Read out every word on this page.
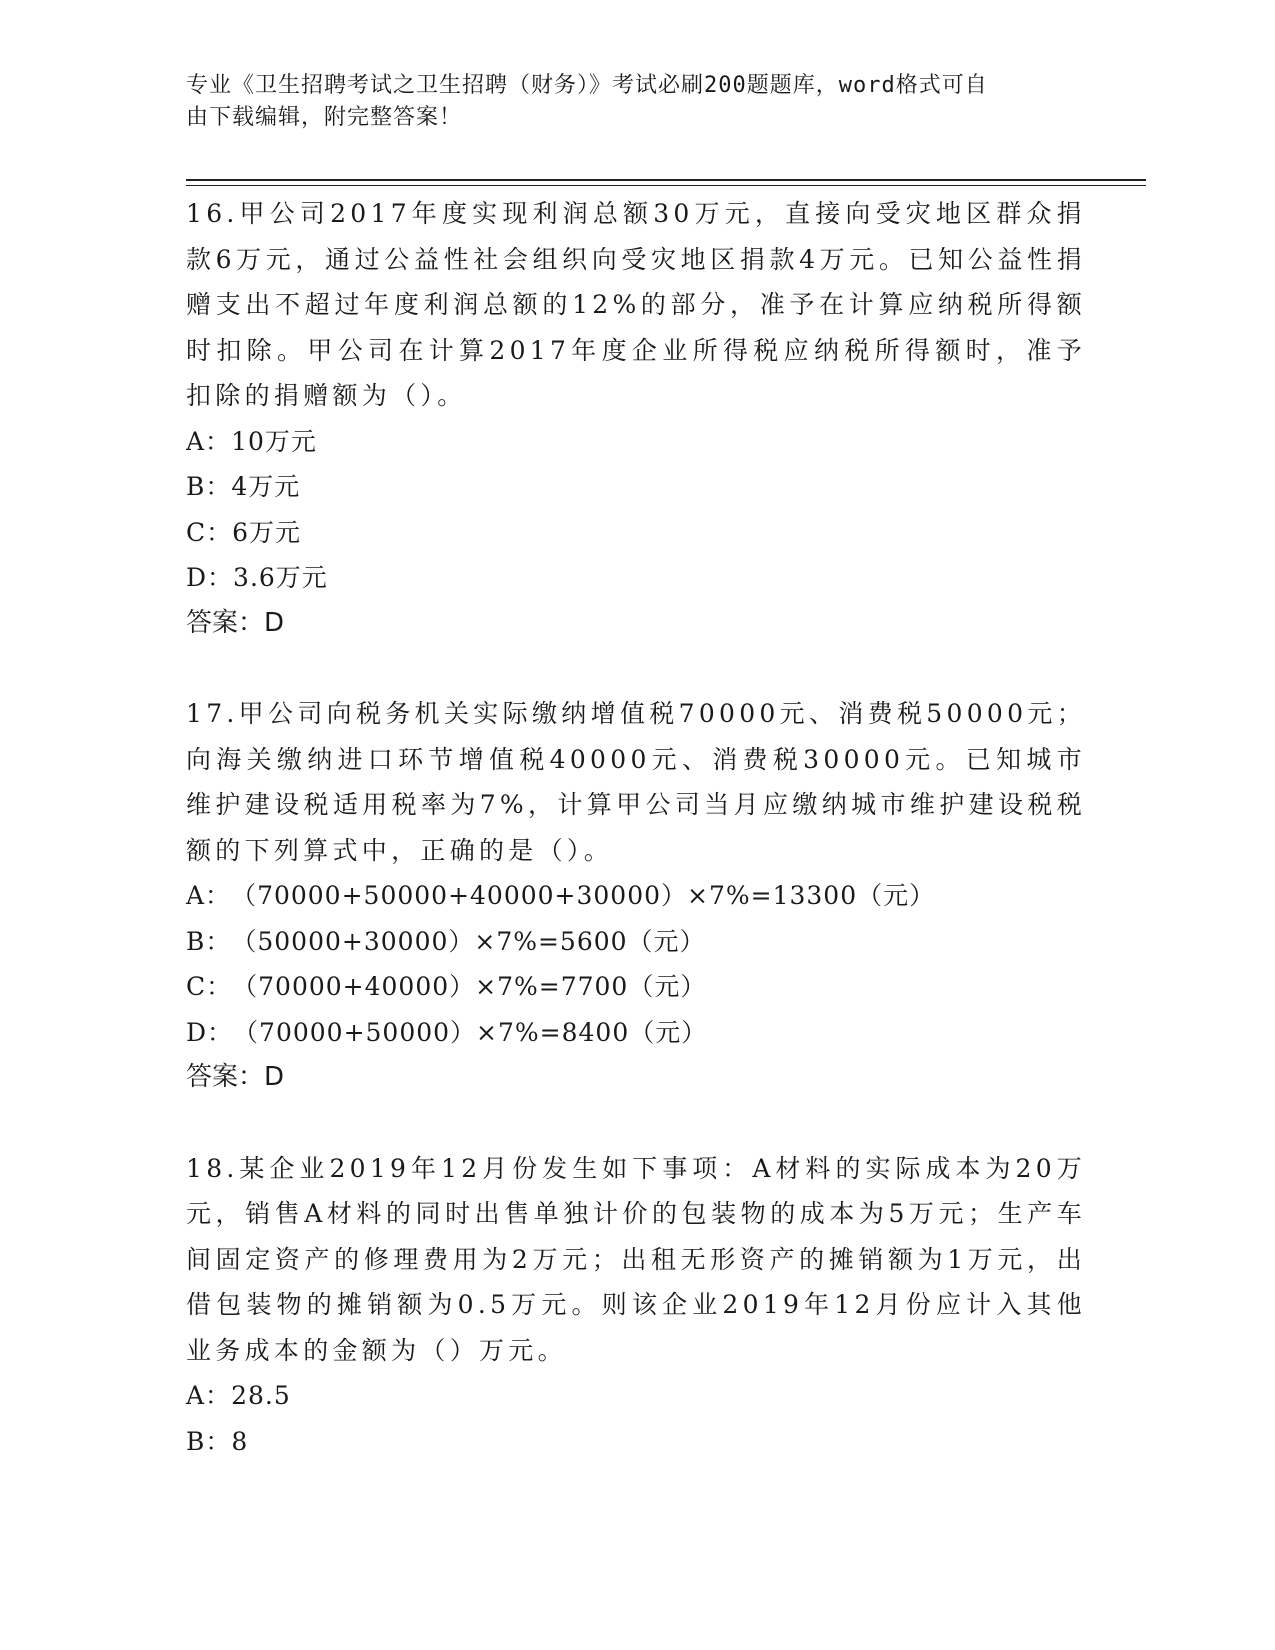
专业《卫生招聘考试之卫生招聘（财务）》考试必刷200题题库，word格式可自
由下载编辑，附完整答案！

16.甲公司2017年度实现利润总额30万元，直接向受灾地区群众捐款6万元，通过公益性社会组织向受灾地区捐款4万元。已知公益性捐赠支出不超过年度利润总额的12%的部分，准予在计算应纳税所得额时扣除。甲公司在计算2017年度企业所得税应纳税所得额时，准予扣除的捐赠额为（）。

A：10万元

B：4万元

C：6万元

D：3.6万元

答案：D

17.甲公司向税务机关实际缴纳增值税70000元、消费税50000元；向海关缴纳进口环节增值税40000元、消费税30000元。已知城市维护建设税适用税率为7%，计算甲公司当月应缴纳城市维护建设税税额的下列算式中，正确的是（）。

A：（70000+50000+40000+30000）×7%=13300（元）

B：（50000+30000）×7%=5600（元）

C：（70000+40000）×7%=7700（元）

D：（70000+50000）×7%=8400（元）

答案：D

18.某企业2019年12月份发生如下事项：A材料的实际成本为20万元，销售A材料的同时出售单独计价的包装物的成本为5万元；生产车间固定资产的修理费用为2万元；出租无形资产的摊销额为1万元，出借包装物的摊销额为0.5万元。则该企业2019年12月份应计入其他业务成本的金额为（）万元。

A：28.5

B：8
